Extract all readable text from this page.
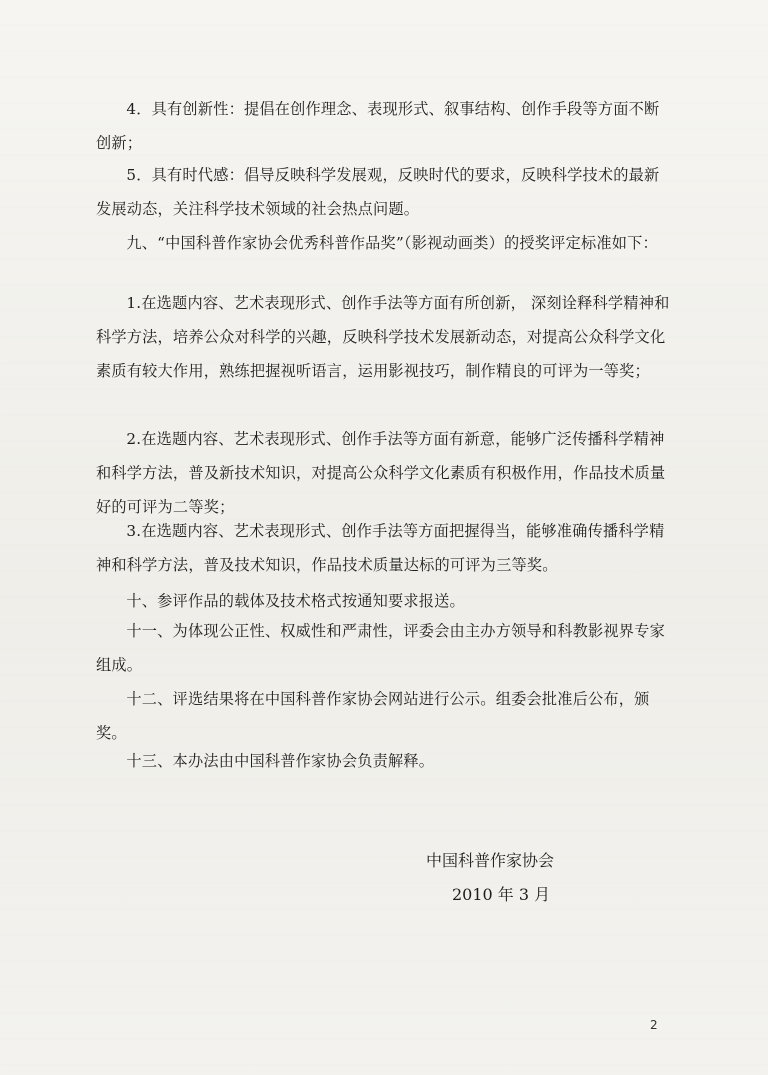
4．具有创新性：提倡在创作理念、表现形式、叙事结构、创作手段等方面不断创新；

5．具有时代感：倡导反映科学发展观，反映时代的要求，反映科学技术的最新发展动态，关注科学技术领域的社会热点问题。

九、“中国科普作家协会优秀科普作品奖”（影视动画类）的授奖评定标准如下：

1.在选题内容、艺术表现形式、创作手法等方面有所创新， 深刻诠释科学精神和科学方法，培养公众对科学的兴趣，反映科学技术发展新动态，对提高公众科学文化素质有较大作用，熟练把握视听语言，运用影视技巧，制作精良的可评为一等奖；

2.在选题内容、艺术表现形式、创作手法等方面有新意，能够广泛传播科学精神和科学方法，普及新技术知识，对提高公众科学文化素质有积极作用，作品技术质量好的可评为二等奖；

3.在选题内容、艺术表现形式、创作手法等方面把握得当，能够准确传播科学精神和科学方法，普及技术知识，作品技术质量达标的可评为三等奖。

十、参评作品的载体及技术格式按通知要求报送。

十一、为体现公正性、权威性和严肃性，评委会由主办方领导和科教影视界专家组成。

十二、评选结果将在中国科普作家协会网站进行公示。组委会批准后公布，颁奖。

十三、本办法由中国科普作家协会负责解释。

中国科普作家协会
2010 年 3 月
2
